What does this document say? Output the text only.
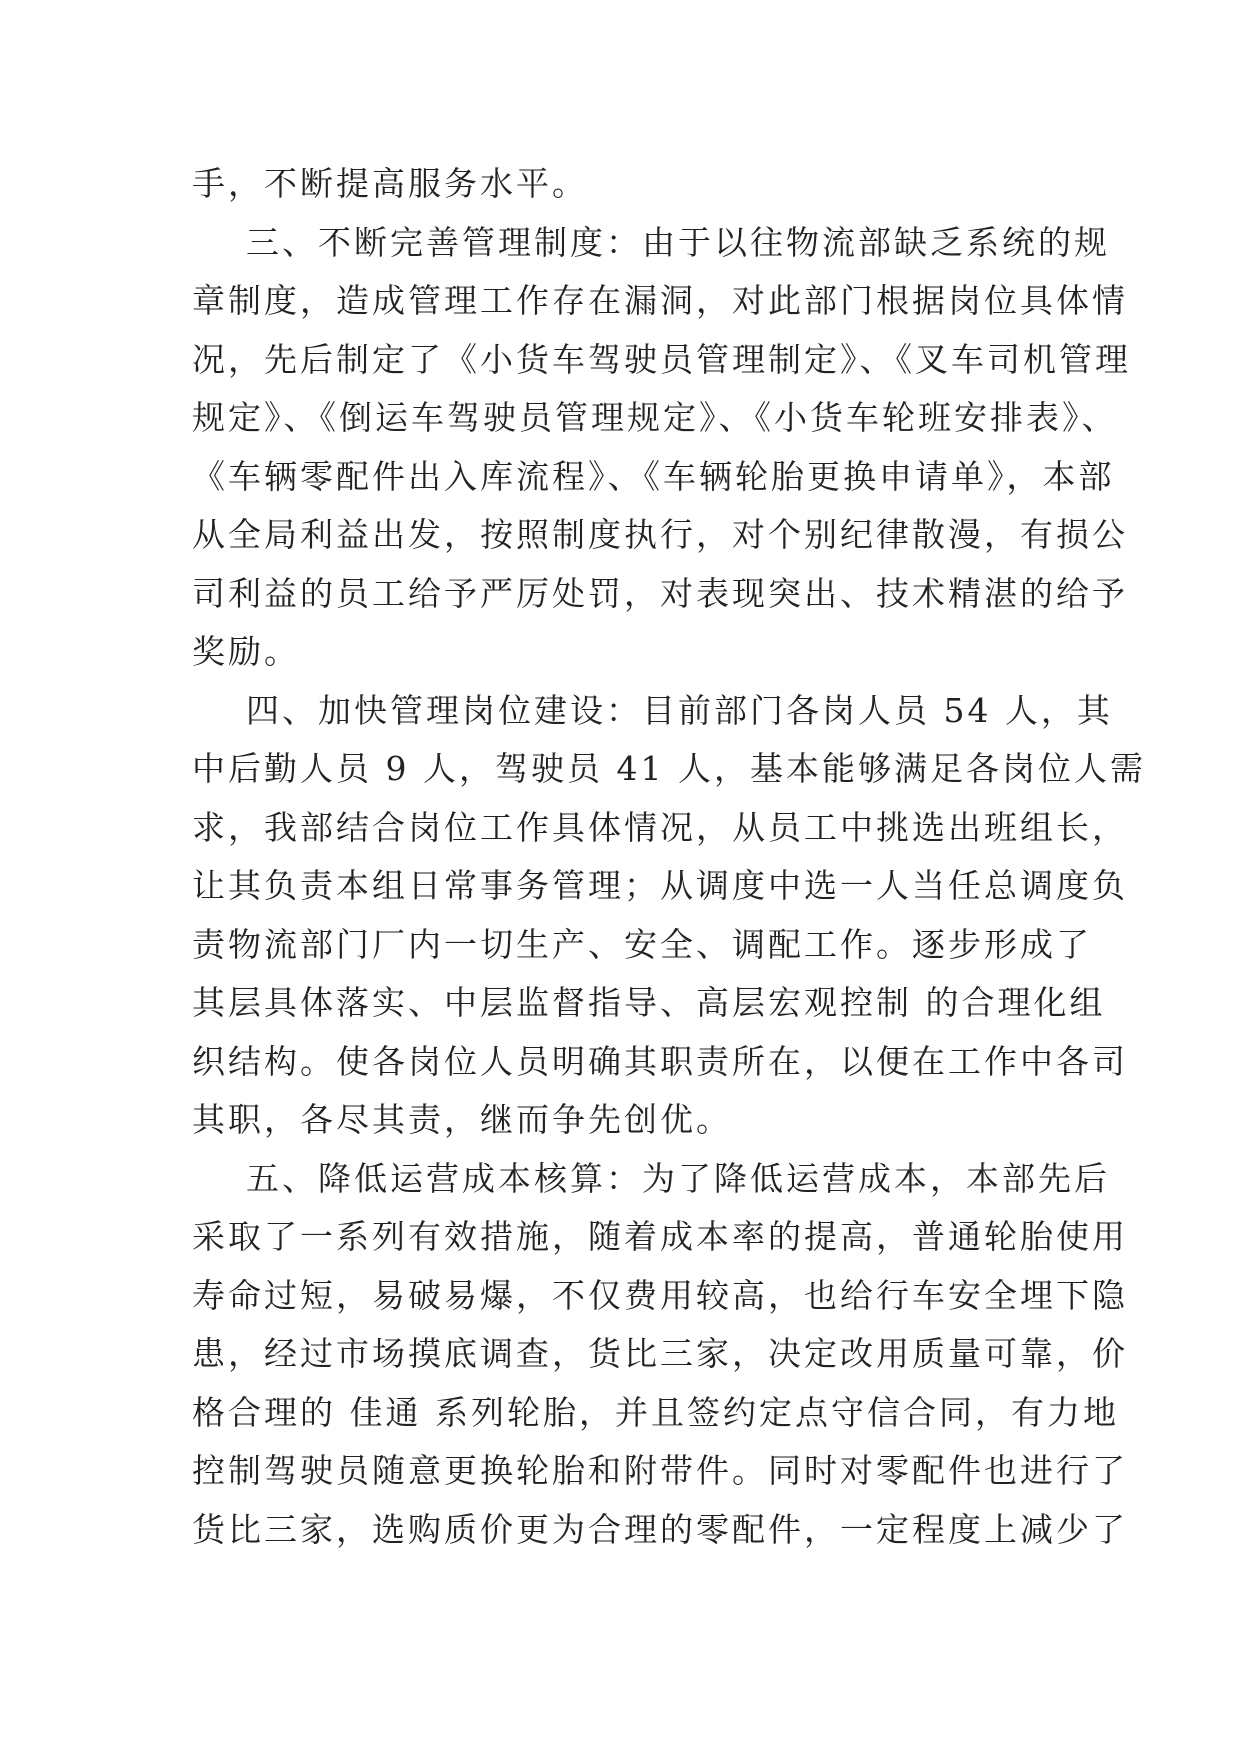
手，不断提高服务水平。
三、不断完善管理制度：由于以往物流部缺乏系统的规
章制度，造成管理工作存在漏洞，对此部门根据岗位具体情
况，先后制定了《小货车驾驶员管理制定》、《叉车司机管理
规定》、《倒运车驾驶员管理规定》、《小货车轮班安排表》、
《车辆零配件出入库流程》、《车辆轮胎更换申请单》，本部
从全局利益出发，按照制度执行，对个别纪律散漫，有损公
司利益的员工给予严厉处罚，对表现突出、技术精湛的给予
奖励。
四、加快管理岗位建设：目前部门各岗人员 54 人，其
中后勤人员 9 人，驾驶员 41 人，基本能够满足各岗位人需
求，我部结合岗位工作具体情况，从员工中挑选出班组长，
让其负责本组日常事务管理；从调度中选一人当任总调度负
责物流部门厂内一切生产、安全、调配工作。逐步形成了
其层具体落实、中层监督指导、高层宏观控制 的合理化组
织结构。使各岗位人员明确其职责所在，以便在工作中各司
其职，各尽其责，继而争先创优。
五、降低运营成本核算：为了降低运营成本，本部先后
采取了一系列有效措施，随着成本率的提高，普通轮胎使用
寿命过短，易破易爆，不仅费用较高，也给行车安全埋下隐
患，经过市场摸底调查，货比三家，决定改用质量可靠，价
格合理的 佳通 系列轮胎，并且签约定点守信合同，有力地
控制驾驶员随意更换轮胎和附带件。同时对零配件也进行了
货比三家，选购质价更为合理的零配件，一定程度上减少了
